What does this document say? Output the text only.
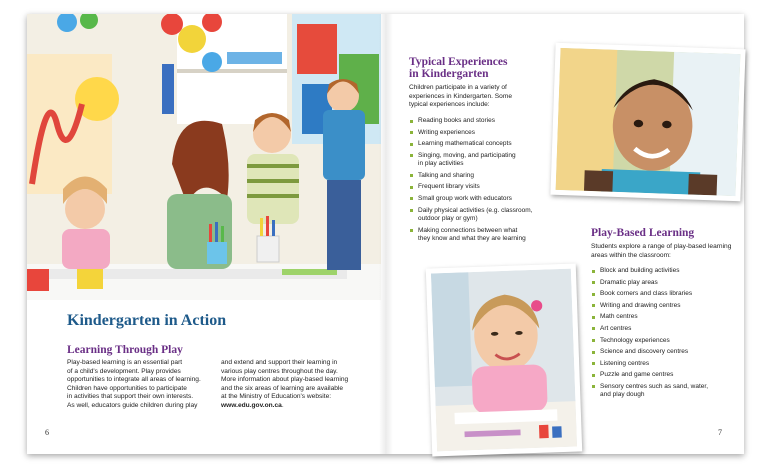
Kindergarten in Action
Learning Through Play
Play-based learning is an essential part
of a child's development. Play provides
opportunities to integrate all areas of learning.
Children have opportunities to participate
in activities that support their own interests.
As well, educators guide children during play
and extend and support their learning in
various play centres throughout the day.
More information about play-based learning
and the six areas of learning are available
at the Ministry of Education's website:
www.edu.gov.on.ca.
6
Typical Experiences
in Kindergarten
Children participate in a variety of
experiences in Kindergarten. Some
typical experiences include:
Reading books and stories
Writing experiences
Learning mathematical concepts
Singing, moving, and participating
in play activities
Talking and sharing
Frequent library visits
Small group work with educators
Daily physical activities (e.g. classroom,
outdoor play or gym)
Making connections between what
they know and what they are learning	Play-Based Learning
Students explore a range of play-based learning
areas within the classroom:
Block and building activities
Dramatic play areas
Book corners and class libraries
Writing and drawing centres
Math centres
Art centres
Technology experiences
Science and discovery centres
Listening centres
Puzzle and game centres
Sensory centres such as sand, water,
and play dough
7
